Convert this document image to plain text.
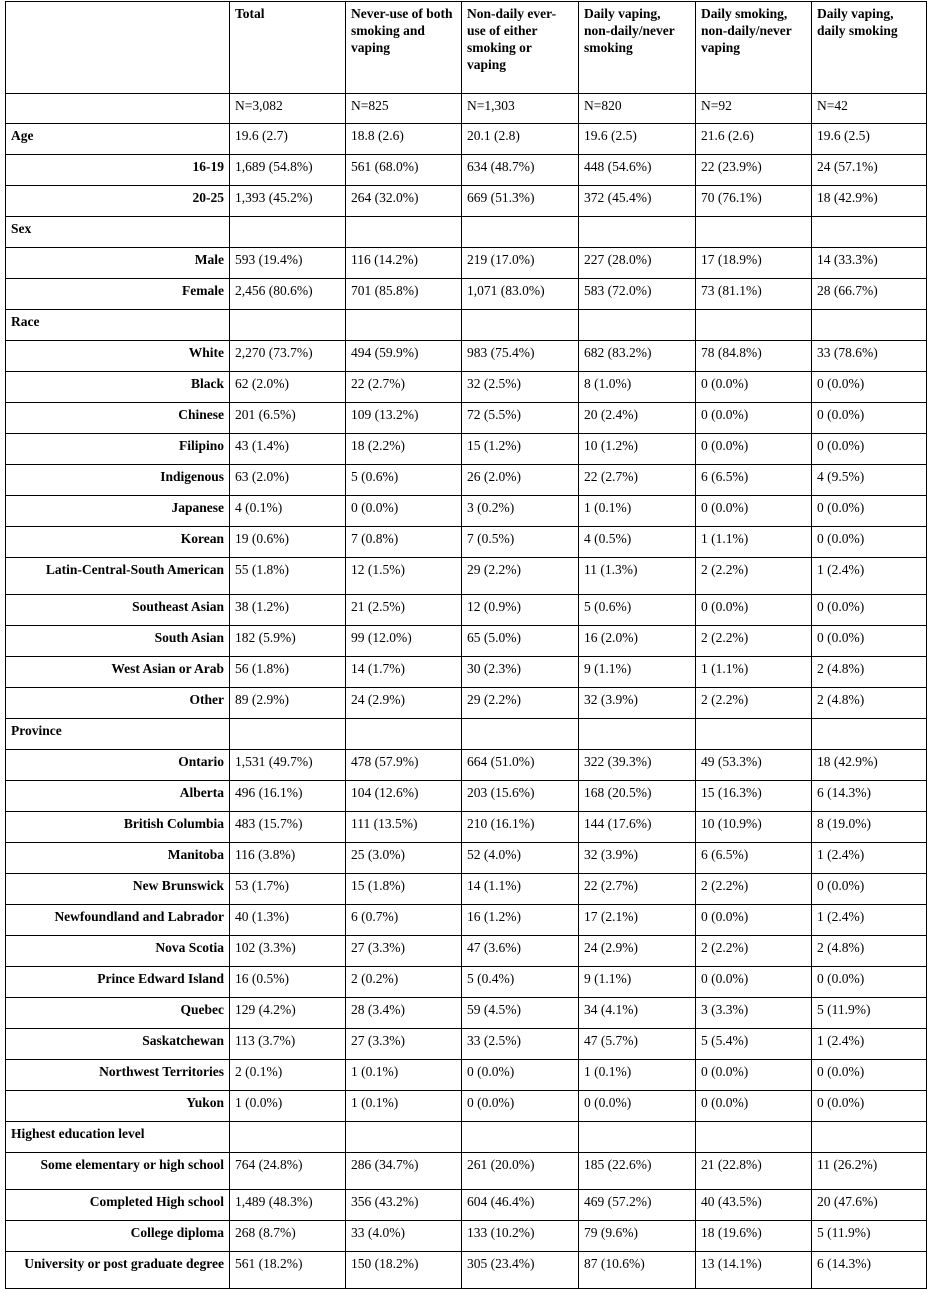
	Total	Never-use of both smoking and vaping	Non-daily ever-use of either smoking or vaping	Daily vaping, non-daily/never smoking	Daily smoking, non-daily/never vaping	Daily vaping, daily smoking
	N=3,082	N=825	N=1,303	N=820	N=92	N=42
Age	19.6 (2.7)	18.8 (2.6)	20.1 (2.8)	19.6 (2.5)	21.6 (2.6)	19.6 (2.5)
16-19	1,689 (54.8%)	561 (68.0%)	634 (48.7%)	448 (54.6%)	22 (23.9%)	24 (57.1%)
20-25	1,393 (45.2%)	264 (32.0%)	669 (51.3%)	372 (45.4%)	70 (76.1%)	18 (42.9%)
Sex						
Male	593 (19.4%)	116 (14.2%)	219 (17.0%)	227 (28.0%)	17 (18.9%)	14 (33.3%)
Female	2,456 (80.6%)	701 (85.8%)	1,071 (83.0%)	583 (72.0%)	73 (81.1%)	28 (66.7%)
Race						
White	2,270 (73.7%)	494 (59.9%)	983 (75.4%)	682 (83.2%)	78 (84.8%)	33 (78.6%)
Black	62 (2.0%)	22 (2.7%)	32 (2.5%)	8 (1.0%)	0 (0.0%)	0 (0.0%)
Chinese	201 (6.5%)	109 (13.2%)	72 (5.5%)	20 (2.4%)	0 (0.0%)	0 (0.0%)
Filipino	43 (1.4%)	18 (2.2%)	15 (1.2%)	10 (1.2%)	0 (0.0%)	0 (0.0%)
Indigenous	63 (2.0%)	5 (0.6%)	26 (2.0%)	22 (2.7%)	6 (6.5%)	4 (9.5%)
Japanese	4 (0.1%)	0 (0.0%)	3 (0.2%)	1 (0.1%)	0 (0.0%)	0 (0.0%)
Korean	19 (0.6%)	7 (0.8%)	7 (0.5%)	4 (0.5%)	1 (1.1%)	0 (0.0%)
Latin-Central-South American	55 (1.8%)	12 (1.5%)	29 (2.2%)	11 (1.3%)	2 (2.2%)	1 (2.4%)
Southeast Asian	38 (1.2%)	21 (2.5%)	12 (0.9%)	5 (0.6%)	0 (0.0%)	0 (0.0%)
South Asian	182 (5.9%)	99 (12.0%)	65 (5.0%)	16 (2.0%)	2 (2.2%)	0 (0.0%)
West Asian or Arab	56 (1.8%)	14 (1.7%)	30 (2.3%)	9 (1.1%)	1 (1.1%)	2 (4.8%)
Other	89 (2.9%)	24 (2.9%)	29 (2.2%)	32 (3.9%)	2 (2.2%)	2 (4.8%)
Province						
Ontario	1,531 (49.7%)	478 (57.9%)	664 (51.0%)	322 (39.3%)	49 (53.3%)	18 (42.9%)
Alberta	496 (16.1%)	104 (12.6%)	203 (15.6%)	168 (20.5%)	15 (16.3%)	6 (14.3%)
British Columbia	483 (15.7%)	111 (13.5%)	210 (16.1%)	144 (17.6%)	10 (10.9%)	8 (19.0%)
Manitoba	116 (3.8%)	25 (3.0%)	52 (4.0%)	32 (3.9%)	6 (6.5%)	1 (2.4%)
New Brunswick	53 (1.7%)	15 (1.8%)	14 (1.1%)	22 (2.7%)	2 (2.2%)	0 (0.0%)
Newfoundland and Labrador	40 (1.3%)	6 (0.7%)	16 (1.2%)	17 (2.1%)	0 (0.0%)	1 (2.4%)
Nova Scotia	102 (3.3%)	27 (3.3%)	47 (3.6%)	24 (2.9%)	2 (2.2%)	2 (4.8%)
Prince Edward Island	16 (0.5%)	2 (0.2%)	5 (0.4%)	9 (1.1%)	0 (0.0%)	0 (0.0%)
Quebec	129 (4.2%)	28 (3.4%)	59 (4.5%)	34 (4.1%)	3 (3.3%)	5 (11.9%)
Saskatchewan	113 (3.7%)	27 (3.3%)	33 (2.5%)	47 (5.7%)	5 (5.4%)	1 (2.4%)
Northwest Territories	2 (0.1%)	1 (0.1%)	0 (0.0%)	1 (0.1%)	0 (0.0%)	0 (0.0%)
Yukon	1 (0.0%)	1 (0.1%)	0 (0.0%)	0 (0.0%)	0 (0.0%)	0 (0.0%)
Highest education level						
Some elementary or high school	764 (24.8%)	286 (34.7%)	261 (20.0%)	185 (22.6%)	21 (22.8%)	11 (26.2%)
Completed High school	1,489 (48.3%)	356 (43.2%)	604 (46.4%)	469 (57.2%)	40 (43.5%)	20 (47.6%)
College diploma	268 (8.7%)	33 (4.0%)	133 (10.2%)	79 (9.6%)	18 (19.6%)	5 (11.9%)
University or post graduate degree	561 (18.2%)	150 (18.2%)	305 (23.4%)	87 (10.6%)	13 (14.1%)	6 (14.3%)
